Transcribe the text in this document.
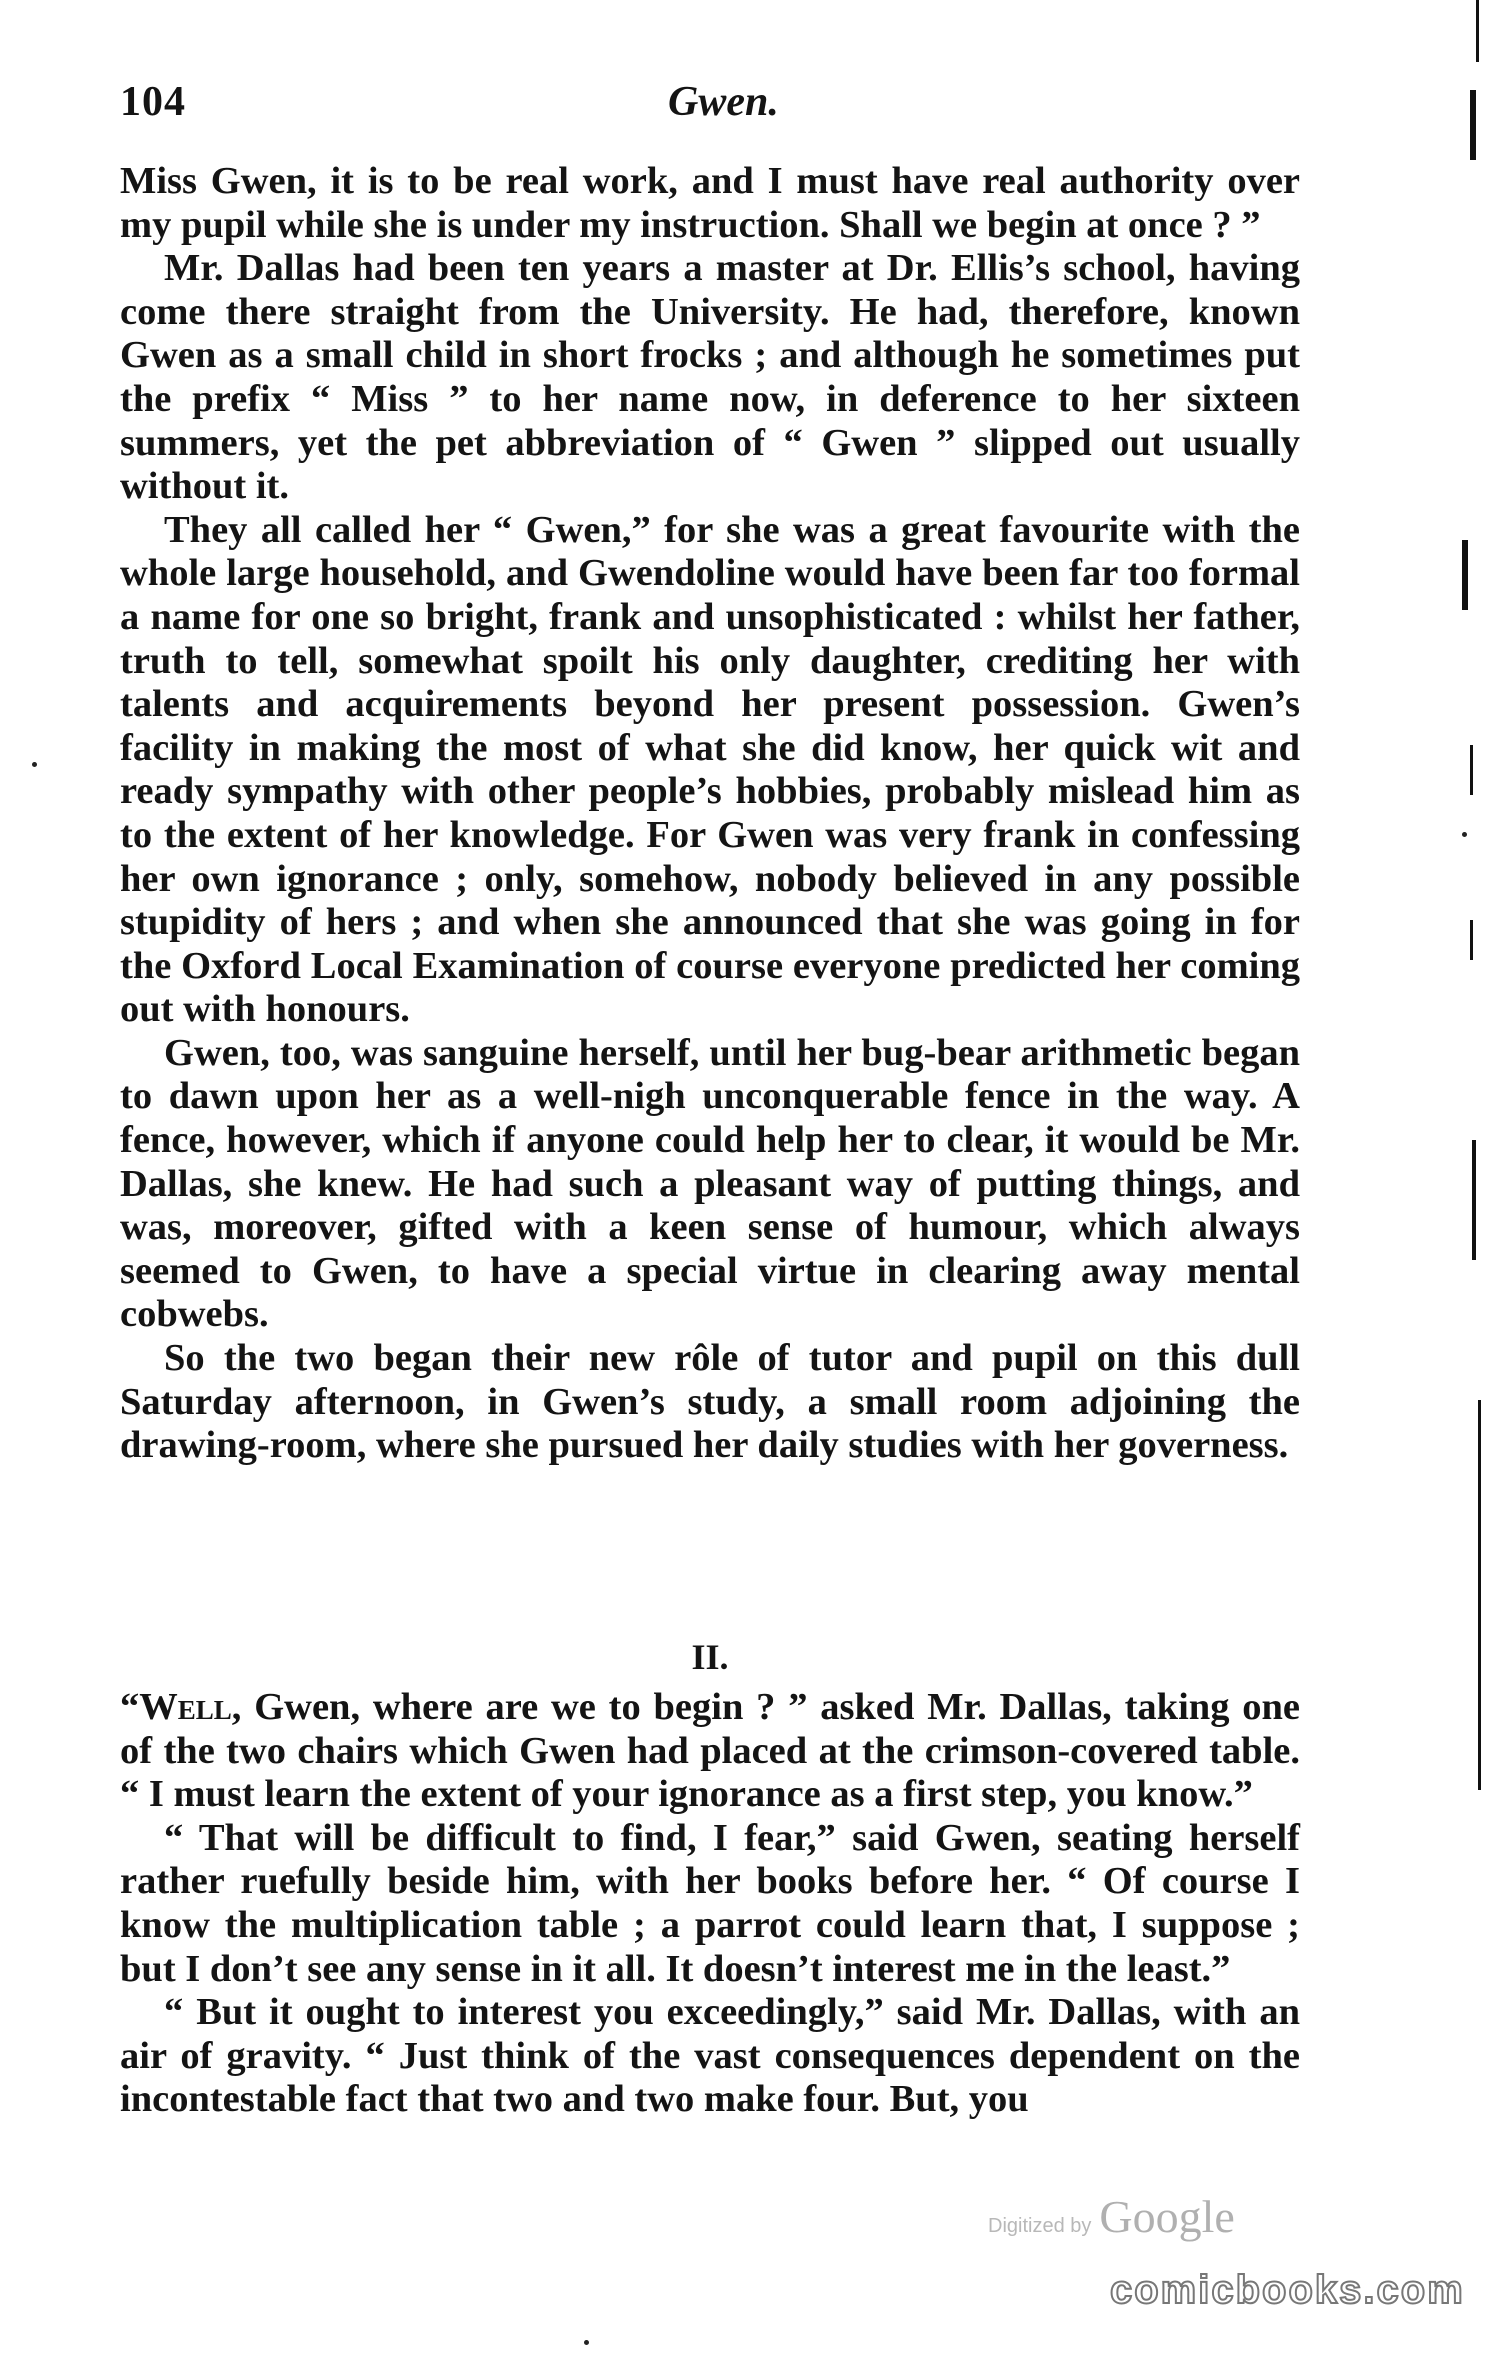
104	Gwen.

Miss Gwen, it is to be real work, and I must have real authority over my pupil while she is under my instruction. Shall we begin at once ? ”

Mr. Dallas had been ten years a master at Dr. Ellis’s school, having come there straight from the University. He had, therefore, known Gwen as a small child in short frocks ; and although he sometimes put the prefix “ Miss ” to her name now, in deference to her sixteen summers, yet the pet abbreviation of “ Gwen ” slipped out usually without it.

They all called her “ Gwen,” for she was a great favourite with the whole large household, and Gwendoline would have been far too formal a name for one so bright, frank and unsophisticated : whilst her father, truth to tell, somewhat spoilt his only daughter, crediting her with talents and acquirements beyond her present possession. Gwen’s facility in making the most of what she did know, her quick wit and ready sympathy with other people’s hobbies, probably mislead him as to the extent of her knowledge. For Gwen was very frank in confessing her own ignorance ; only, somehow, nobody believed in any possible stupidity of hers ; and when she announced that she was going in for the Oxford Local Examination of course everyone predicted her coming out with honours.

Gwen, too, was sanguine herself, until her bug-bear arithmetic began to dawn upon her as a well-nigh unconquerable fence in the way. A fence, however, which if anyone could help her to clear, it would be Mr. Dallas, she knew. He had such a pleasant way of putting things, and was, moreover, gifted with a keen sense of humour, which always seemed to Gwen, to have a special virtue in clearing away mental cobwebs.

So the two began their new rôle of tutor and pupil on this dull Saturday afternoon, in Gwen’s study, a small room adjoining the drawing-room, where she pursued her daily studies with her governess.

II.

“Well, Gwen, where are we to begin ? ” asked Mr. Dallas, taking one of the two chairs which Gwen had placed at the crimson-covered table. “ I must learn the extent of your ignorance as a first step, you know.”

“ That will be difficult to find, I fear,” said Gwen, seating herself rather ruefully beside him, with her books before her. “ Of course I know the multiplication table ; a parrot could learn that, I suppose ; but I don’t see any sense in it all. It doesn’t interest me in the least.”

“ But it ought to interest you exceedingly,” said Mr. Dallas, with an air of gravity. “ Just think of the vast consequences dependent on the incontestable fact that two and two make four. But, you

Digitized by Google
comicbooks.com
